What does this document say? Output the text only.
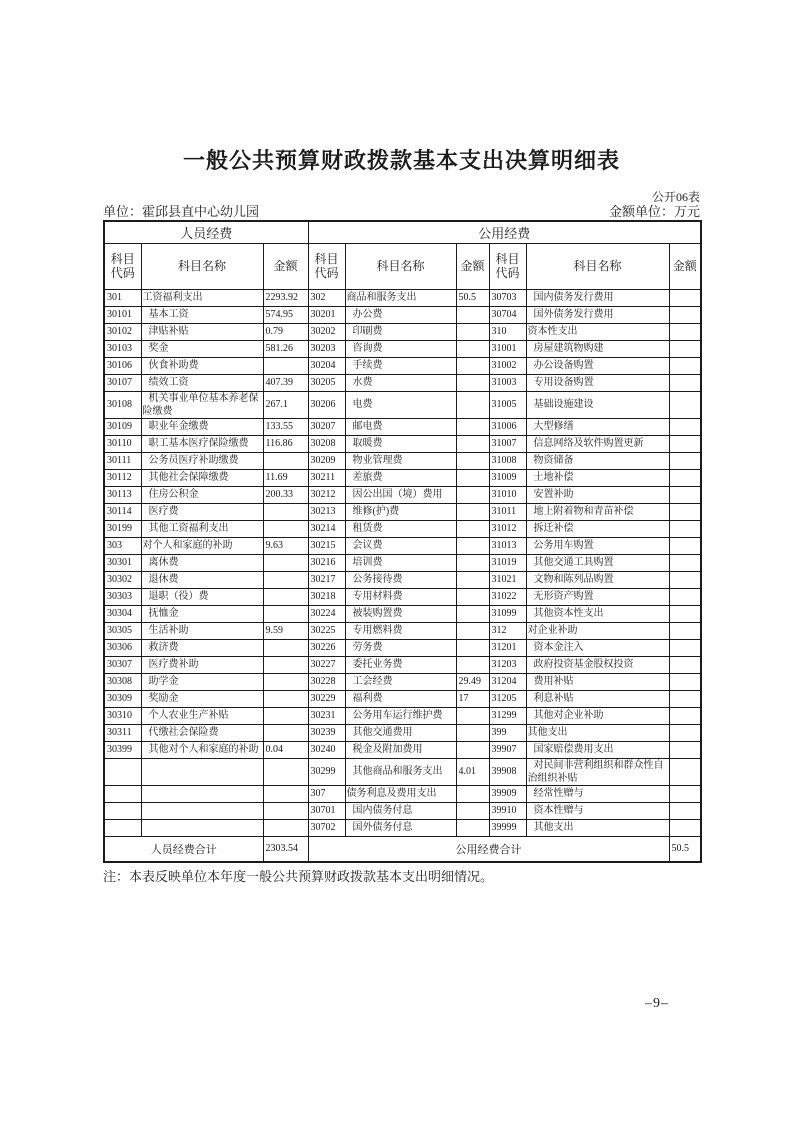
一般公共预算财政拨款基本支出决算明细表
公开06表
单位：霍邱县直中心幼儿园	金额单位：万元
人员经费			公用经费					
科目代码	科目名称	金额	科目代码	科目名称	金额	科目代码	科目名称	金额
301	工资福利支出	2293.92	302	商品和服务支出	50.5	30703	国内债务发行费用	
30101	基本工资	574.95	30201	办公费		30704	国外债务发行费用	
30102	津贴补贴	0.79	30202	印刷费		310	资本性支出	
30103	奖金	581.26	30203	咨询费		31001	房屋建筑物购建	
30106	伙食补助费		30204	手续费		31002	办公设备购置	
30107	绩效工资	407.39	30205	水费		31003	专用设备购置	
30108	机关事业单位基本养老保险缴费	267.1	30206	电费		31005	基础设施建设	
30109	职业年金缴费	133.55	30207	邮电费		31006	大型修缮	
30110	职工基本医疗保险缴费	116.86	30208	取暖费		31007	信息网络及软件购置更新	
30111	公务员医疗补助缴费		30209	物业管理费		31008	物资储备	
30112	其他社会保障缴费	11.69	30211	差旅费		31009	土地补偿	
30113	住房公积金	200.33	30212	因公出国（境）费用		31010	安置补助	
30114	医疗费		30213	维修(护)费		31011	地上附着物和青苗补偿	
30199	其他工资福利支出		30214	租赁费		31012	拆迁补偿	
303	对个人和家庭的补助	9.63	30215	会议费		31013	公务用车购置	
30301	离休费		30216	培训费		31019	其他交通工具购置	
30302	退休费		30217	公务接待费		31021	文物和陈列品购置	
30303	退职（役）费		30218	专用材料费		31022	无形资产购置	
30304	抚恤金		30224	被装购置费		31099	其他资本性支出	
30305	生活补助	9.59	30225	专用燃料费		312	对企业补助	
30306	救济费		30226	劳务费		31201	资本金注入	
30307	医疗费补助		30227	委托业务费		31203	政府投资基金股权投资	
30308	助学金		30228	工会经费	29.49	31204	费用补贴	
30309	奖励金		30229	福利费	17	31205	利息补贴	
30310	个人农业生产补贴		30231	公务用车运行维护费		31299	其他对企业补助	
30311	代缴社会保险费		30239	其他交通费用		399	其他支出	
30399	其他对个人和家庭的补助	0.04	30240	税金及附加费用		39907	国家赔偿费用支出	
			30299	其他商品和服务支出	4.01	39908	对民间非营利组织和群众性自治组织补贴	
			307	债务利息及费用支出		39909	经常性赠与	
			30701	国内债务付息		39910	资本性赠与	
			30702	国外债务付息		39999	其他支出	
人员经费合计		2303.54	公用经费合计					50.5
注：本表反映单位本年度一般公共预算财政拨款基本支出明细情况。
–9–
